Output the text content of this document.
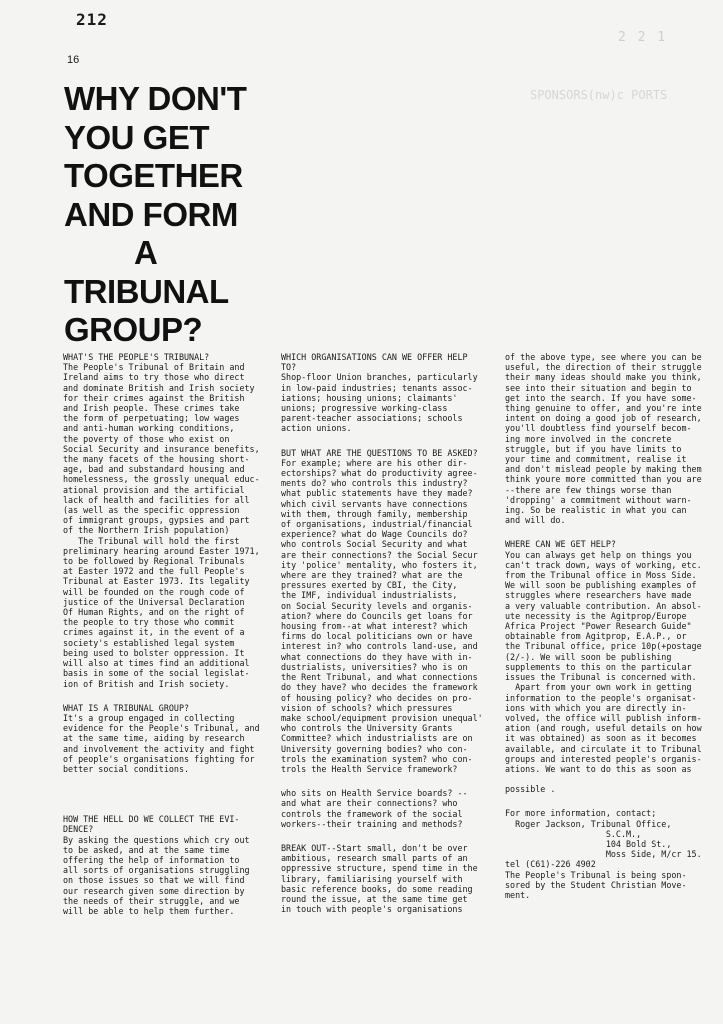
212
2 2 1
SPONSORS(nw)c PORTS
16
WHY DON'T
YOU GET
TOGETHER
AND FORM
A
TRIBUNAL
GROUP?
WHAT'S THE PEOPLE'S TRIBUNAL?
The People's Tribunal of Britain and
Ireland aims to try those who direct
and dominate British and Irish society
for their crimes against the British
and Irish people. These crimes take
the form of perpetuating; low wages
and anti-human working conditions,
the poverty of those who exist on
Social Security and insurance benefits,
the many facets of the housing short-
age, bad and substandard housing and
homelessness, the grossly unequal educ-
ational provision and the artificial
lack of health and facilities for all
(as well as the specific oppression
of immigrant groups, gypsies and part
of the Northern Irish population)
The Tribunal will hold the first
preliminary hearing around Easter 1971,
to be followed by Regional Tribunals
at Easter 1972 and the full People's
Tribunal at Easter 1973. Its legality
will be founded on the rough code of
justice of the Universal Declaration
Of Human Rights, and on the right of
the people to try those who commit
crimes against it, in the event of a
society's established legal system
being used to bolster oppression. It
will also at times find an additional
basis in some of the social legislat-
ion of British and Irish society.
WHAT IS A TRIBUNAL GROUP?
It's a group engaged in collecting
evidence for the People's Tribunal, and
at the same time, aiding by research
and involvement the activity and fight
of people's organisations fighting for
better social conditions.
HOW THE HELL DO WE COLLECT THE EVI-
DENCE?
By asking the questions which cry out
to be asked, and at the same time
offering the help of information to
all sorts of organisations struggling
on those issues so that we will find
our research given some direction by
the needs of their struggle, and we
will be able to help them further.
WHICH ORGANISATIONS CAN WE OFFER HELP
TO?
Shop-floor Union branches, particularly
in low-paid industries; tenants assoc-
iations; housing unions; claimants'
unions; progressive working-class
parent-teacher associations; schools
action unions.
BUT WHAT ARE THE QUESTIONS TO BE ASKED?
For example; where are his other dir-
ectorships? what do productivity agree-
ments do? who controls this industry?
what public statements have they made?
which civil servants have connections
with them, through family, membership
of organisations, industrial/financial
experience? what do Wage Councils do?
who controls Social Security and what
are their connections? the Social Secur
ity 'police' mentality, who fosters it,
where are they trained? what are the
pressures exerted by CBI, the City,
the IMF, individual industrialists,
on Social Security levels and organis-
ation? where do Councils get loans for
housing from--at what interest? which
firms do local politicians own or have
interest in? who controls land-use, and
what connections do they have with in-
dustrialists, universities? who is on
the Rent Tribunal, and what connections
do they have? who decides the framework
of housing policy? who decides on pro-
vision of schools? which pressures
make school/equipment provision unequal'
who controls the University Grants
Committee? which industrialists are on
University governing bodies? who con-
trols the examination system? who con-
trols the Health Service framework?
who sits on Health Service boards? --
and what are their connections? who
controls the framework of the social
workers--their training and methods?
BREAK OUT--Start small, don't be over
ambitious, research small parts of an
oppressive structure, spend time in the
library, familiarising yourself with
basic reference books, do some reading
round the issue, at the same time get
in touch with people's organisations
of the above type, see where you can be
useful, the direction of their struggle
their many ideas should make you think,
see into their situation and begin to
get into the search. If you have some-
thing genuine to offer, and you're inte
intent on doing a good job of research,
you'll doubtless find yourself becom-
ing more involved in the concrete
struggle, but if you have limits to
your time and commitment, realise it
and don't mislead people by making them
think youre more committed than you are
--there are few things worse than
'dropping' a commitment without warn-
ing. So be realistic in what you can
and will do.
WHERE CAN WE GET HELP?
You can always get help on things you
can't track down, ways of working, etc.
from the Tribunal office in Moss Side.
We will soon be publishing examples of
struggles where researchers have made
a very valuable contribution. An absol-
ute necessity is the Agitprop/Europe
Africa Project "Power Research Guide"
obtainable from Agitprop, E.A.P., or
the Tribunal office, price 10p(+postage
(2/-). We will soon be publishing
supplements to this on the particular
issues the Tribunal is concerned with.
Apart from your own work in getting
information to the people's organisat-
ions with which you are directly in-
volved, the office will publish inform-
ation (and rough, useful details on how
it was obtained) as soon as it becomes
available, and circulate it to Tribunal
groups and interested people's organis-
ations. We want to do this as soon as
possible .
For more information, contact;
Roger Jackson, Tribunal Office,
S.C.M.,
104 Bold St.,
Moss Side, M/cr 15.
tel (C61)-226 4902
The People's Tribunal is being spon-
sored by the Student Christian Move-
ment.
